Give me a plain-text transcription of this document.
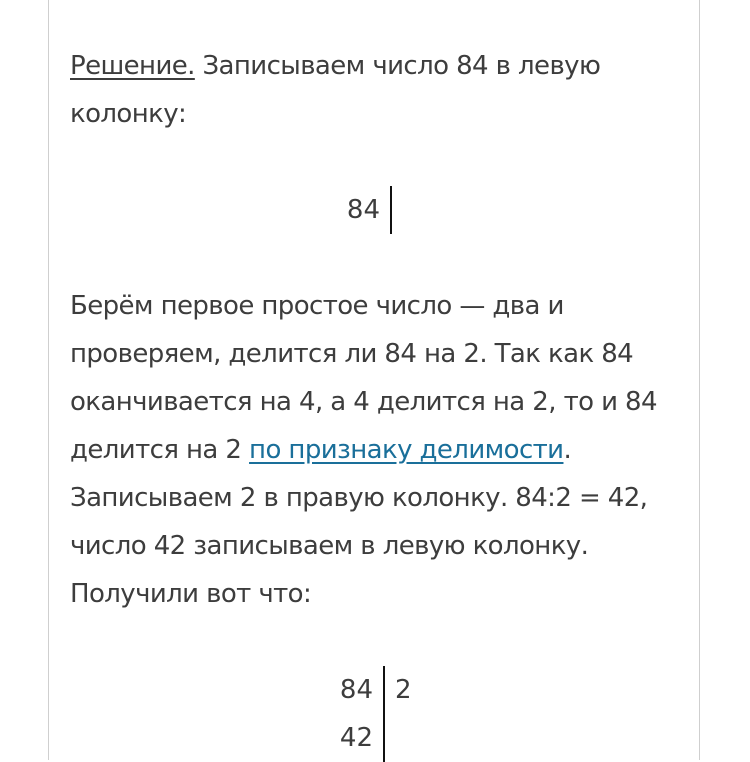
Решение. Записываем число 84 в левую колонку:

84	

Берём первое простое число — два и проверяем, делится ли 84 на 2. Так как 84 оканчивается на 4, а 4 делится на 2, то и 84 делится на 2 по признаку делимости. Записываем 2 в правую колонку. 84:2 = 42, число 42 записываем в левую колонку. Получили вот что:

84	2
42	
